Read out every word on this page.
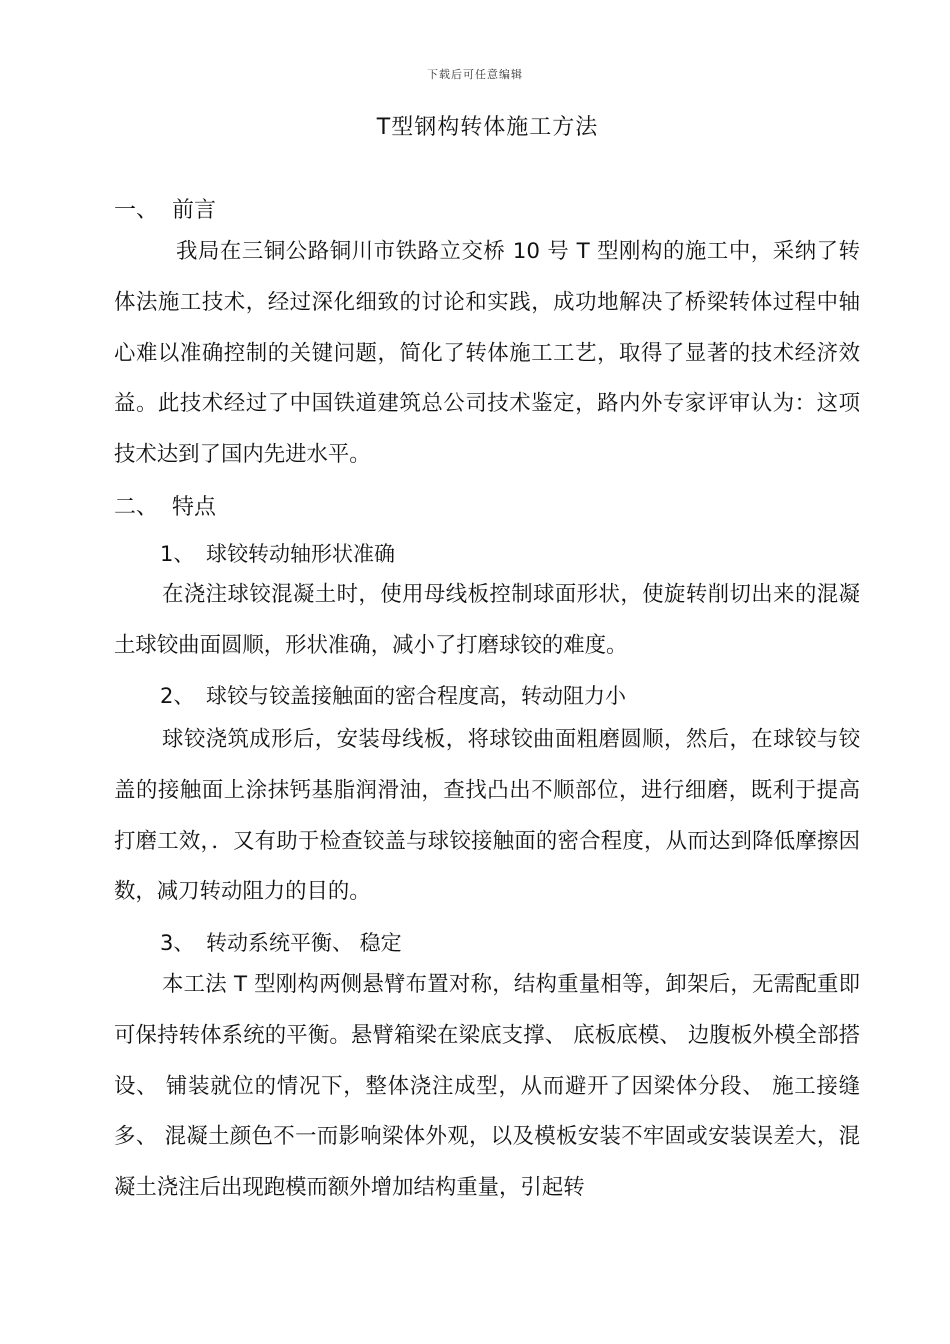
下载后可任意编辑
T型钢构转体施工方法
一、 前言

我局在三铜公路铜川市铁路立交桥 10 号 T 型刚构的施工中，采纳了转体法施工技术，经过深化细致的讨论和实践，成功地解决了桥梁转体过程中轴心难以准确控制的关键问题，简化了转体施工工艺，取得了显著的技术经济效益。此技术经过了中国铁道建筑总公司技术鉴定，路内外专家评审认为：这项技术达到了国内先进水平。

二、 特点
1、 球铰转动轴形状准确

在浇注球铰混凝土时，使用母线板控制球面形状，使旋转削切出来的混凝土球铰曲面圆顺，形状准确，减小了打磨球铰的难度。

2、 球铰与铰盖接触面的密合程度高，转动阻力小

球铰浇筑成形后，安装母线板，将球铰曲面粗磨圆顺，然后，在球铰与铰盖的接触面上涂抹钙基脂润滑油，查找凸出不顺部位，进行细磨，既利于提高打磨工效，．又有助于检查铰盖与球铰接触面的密合程度，从而达到降低摩擦因数，减刀转动阻力的目的。

3、 转动系统平衡、 稳定

本工法 T 型刚构两侧悬臂布置对称，结构重量相等，卸架后，无需配重即可保持转体系统的平衡。悬臂箱梁在梁底支撑、 底板底模、 边腹板外模全部搭设、 铺装就位的情况下，整体浇注成型，从而避开了因梁体分段、 施工接缝多、 混凝土颜色不一而影响梁体外观，以及模板安装不牢固或安装误差大，混凝土浇注后出现跑模而额外增加结构重量，引起转
